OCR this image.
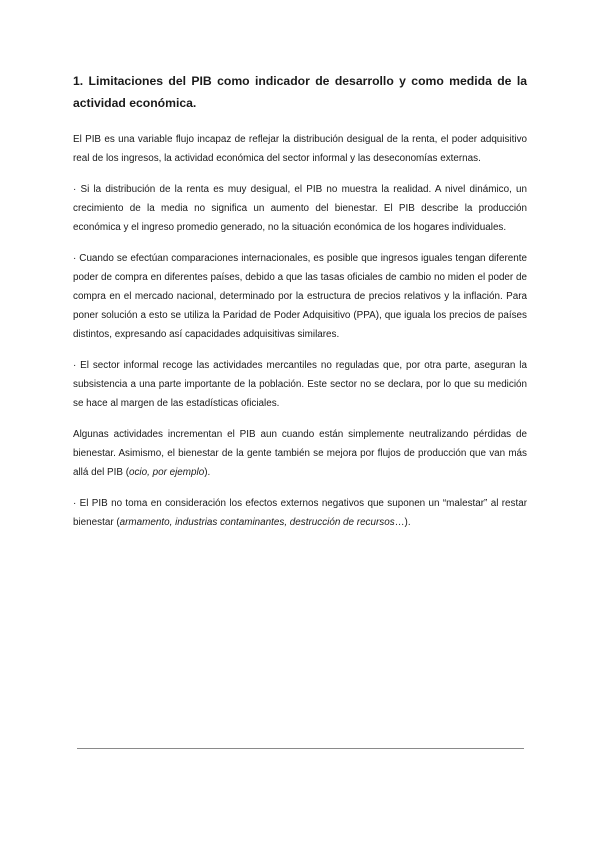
1. Limitaciones del PIB como indicador de desarrollo y como medida de la actividad económica.

El PIB es una variable flujo incapaz de reflejar la distribución desigual de la renta, el poder adquisitivo real de los ingresos, la actividad económica del sector informal y las deseconomías externas.

· Si la distribución de la renta es muy desigual, el PIB no muestra la realidad. A nivel dinámico, un crecimiento de la media no significa un aumento del bienestar. El PIB describe la producción económica y el ingreso promedio generado, no la situación económica de los hogares individuales.

· Cuando se efectúan comparaciones internacionales, es posible que ingresos iguales tengan diferente poder de compra en diferentes países, debido a que las tasas oficiales de cambio no miden el poder de compra en el mercado nacional, determinado por la estructura de precios relativos y la inflación. Para poner solución a esto se utiliza la Paridad de Poder Adquisitivo (PPA), que iguala los precios de países distintos, expresando así capacidades adquisitivas similares.

· El sector informal recoge las actividades mercantiles no reguladas que, por otra parte, aseguran la subsistencia a una parte importante de la población. Este sector no se declara, por lo que su medición se hace al margen de las estadísticas oficiales.

Algunas actividades incrementan el PIB aun cuando están simplemente neutralizando pérdidas de bienestar. Asimismo, el bienestar de la gente también se mejora por flujos de producción que van más allá del PIB (ocio, por ejemplo).

· El PIB no toma en consideración los efectos externos negativos que suponen un “malestar” al restar bienestar (armamento, industrias contaminantes, destrucción de recursos…).
